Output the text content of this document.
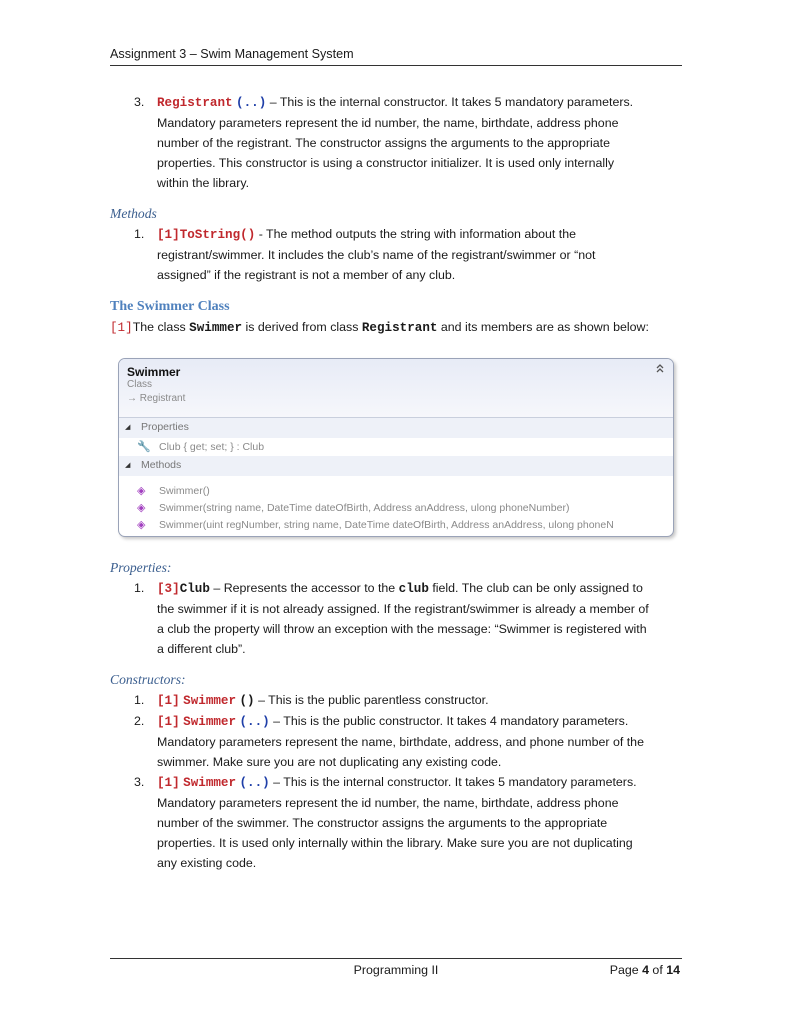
Assignment 3 – Swim Management System
3. Registrant (..) – This is the internal constructor. It takes 5 mandatory parameters.
Mandatory parameters represent the id number, the name, birthdate, address phone
number of the registrant. The constructor assigns the arguments to the appropriate
properties. This constructor is using a constructor initializer. It is used only internally
within the library.
Methods
1. [1]ToString() - The method outputs the string with information about the
registrant/swimmer. It includes the club’s name of the registrant/swimmer or “not
assigned” if the registrant is not a member of any club.
The Swimmer Class
[1]The class Swimmer is derived from class Registrant and its members are as shown below:
Swimmer
Class
→ Registrant
◢ Properties
🔧 Club { get; set; } : Club
◢ Methods
◈ Swimmer()
◈ Swimmer(string name, DateTime dateOfBirth, Address anAddress, ulong phoneNumber)
◈ Swimmer(uint regNumber, string name, DateTime dateOfBirth, Address anAddress, ulong phoneN
Properties:
1. [3]Club – Represents the accessor to the club field. The club can be only assigned to
the swimmer if it is not already assigned. If the registrant/swimmer is already a member of
a club the property will throw an exception with the message: “Swimmer is registered with
a different club”.
Constructors:
1. [1] Swimmer () – This is the public parentless constructor.
2. [1] Swimmer (..) – This is the public constructor. It takes 4 mandatory parameters.
Mandatory parameters represent the name, birthdate, address, and phone number of the
swimmer. Make sure you are not duplicating any existing code.
3. [1] Swimmer (..) – This is the internal constructor. It takes 5 mandatory parameters.
Mandatory parameters represent the id number, the name, birthdate, address phone
number of the swimmer. The constructor assigns the arguments to the appropriate
properties. It is used only internally within the library. Make sure you are not duplicating
any existing code.
Programming II	Page 4 of 14
